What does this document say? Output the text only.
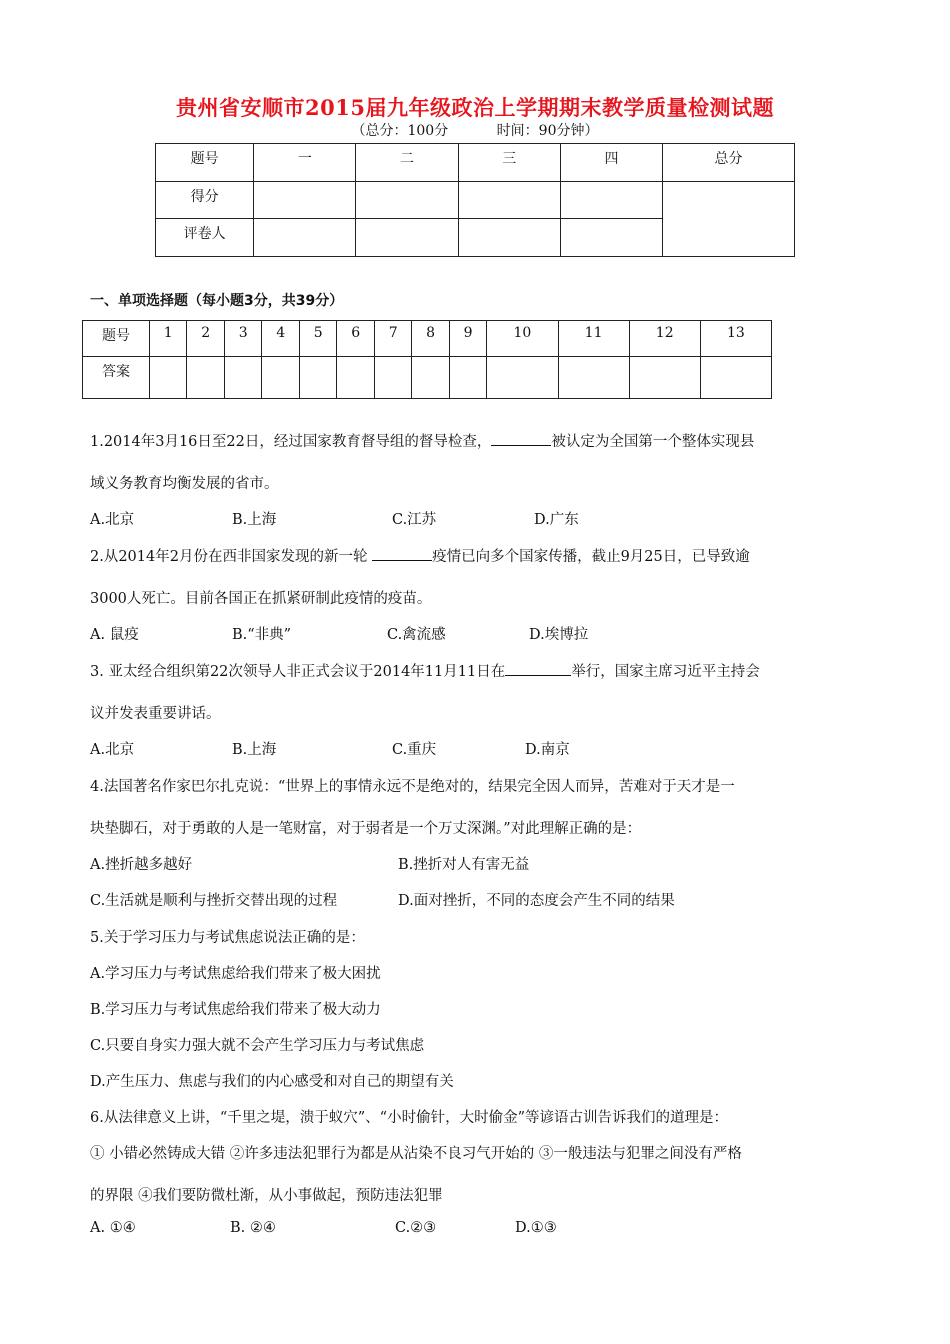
贵州省安顺市2015届九年级政治上学期期末教学质量检测试题
（总分：100分	时间：90分钟）
题号	一	二	三	四	总分
得分					
评卷人					
一、单项选择题（每小题3分，共39分）
题号	1	2	3	4	5	6	7	8	9	10	11	12	13
答案													
1.2014年3月16日至22日，经过国家教育督导组的督导检查，	被认定为全国第一个整体实现县
域义务教育均衡发展的省市。
A.北京	B.上海	C.江苏	D.广东
2.从2014年2月份在西非国家发现的新一轮	疫情已向多个国家传播，截止9月25日，已导致逾
3000人死亡。目前各国正在抓紧研制此疫情的疫苗。
A. 鼠疫	B.“非典”	C.禽流感	D.埃博拉
3. 亚太经合组织第22次领导人非正式会议于2014年11月11日在	举行，国家主席习近平主持会
议并发表重要讲话。
A.北京	B.上海	C.重庆	D.南京
4.法国著名作家巴尔扎克说：“世界上的事情永远不是绝对的，结果完全因人而异，苦难对于天才是一
块垫脚石，对于勇敢的人是一笔财富，对于弱者是一个万丈深渊。”对此理解正确的是：
A.挫折越多越好	B.挫折对人有害无益
C.生活就是顺利与挫折交替出现的过程	D.面对挫折，不同的态度会产生不同的结果
5.关于学习压力与考试焦虑说法正确的是：
A.学习压力与考试焦虑给我们带来了极大困扰
B.学习压力与考试焦虑给我们带来了极大动力
C.只要自身实力强大就不会产生学习压力与考试焦虑
D.产生压力、焦虑与我们的内心感受和对自己的期望有关
6.从法律意义上讲，“千里之堤，溃于蚁穴”、“小时偷针，大时偷金”等谚语古训告诉我们的道理是：
① 小错必然铸成大错 ②许多违法犯罪行为都是从沾染不良习气开始的 ③一般违法与犯罪之间没有严格
的界限 ④我们要防微杜渐，从小事做起，预防违法犯罪
A. ①④	B. ②④	C.②③	D.①③
